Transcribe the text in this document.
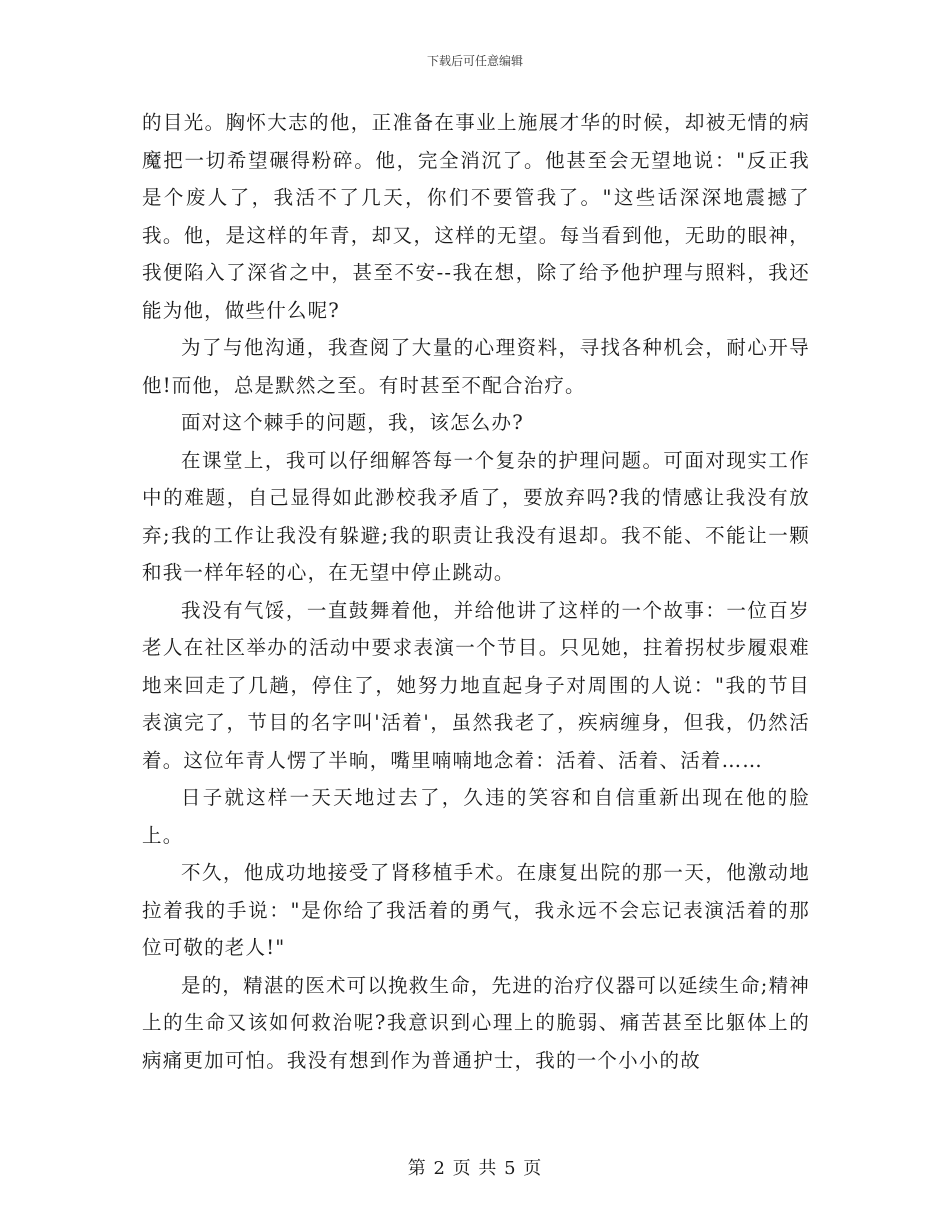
下载后可任意编辑

的目光。胸怀大志的他，正准备在事业上施展才华的时候，却被无情的病魔把一切希望碾得粉碎。他，完全消沉了。他甚至会无望地说："反正我是个废人了，我活不了几天，你们不要管我了。"这些话深深地震撼了我。他，是这样的年青，却又，这样的无望。每当看到他，无助的眼神，我便陷入了深省之中，甚至不安--我在想，除了给予他护理与照料，我还能为他，做些什么呢?

为了与他沟通，我查阅了大量的心理资料，寻找各种机会，耐心开导他!而他，总是默然之至。有时甚至不配合治疗。

面对这个棘手的问题，我，该怎么办?

在课堂上，我可以仔细解答每一个复杂的护理问题。可面对现实工作中的难题，自己显得如此渺校我矛盾了，要放弃吗?我的情感让我没有放弃;我的工作让我没有躲避;我的职责让我没有退却。我不能、不能让一颗和我一样年轻的心，在无望中停止跳动。

我没有气馁，一直鼓舞着他，并给他讲了这样的一个故事：一位百岁老人在社区举办的活动中要求表演一个节目。只见她，拄着拐杖步履艰难地来回走了几趟，停住了，她努力地直起身子对周围的人说："我的节目表演完了，节目的名字叫'活着'，虽然我老了，疾病缠身，但我，仍然活着。这位年青人愣了半晌，嘴里喃喃地念着：活着、活着、活着……

日子就这样一天天地过去了，久违的笑容和自信重新出现在他的脸上。

不久，他成功地接受了肾移植手术。在康复出院的那一天，他激动地拉着我的手说："是你给了我活着的勇气，我永远不会忘记表演活着的那位可敬的老人!"

是的，精湛的医术可以挽救生命，先进的治疗仪器可以延续生命;精神上的生命又该如何救治呢?我意识到心理上的脆弱、痛苦甚至比躯体上的病痛更加可怕。我没有想到作为普通护士，我的一个小小的故

第 2 页 共 5 页
